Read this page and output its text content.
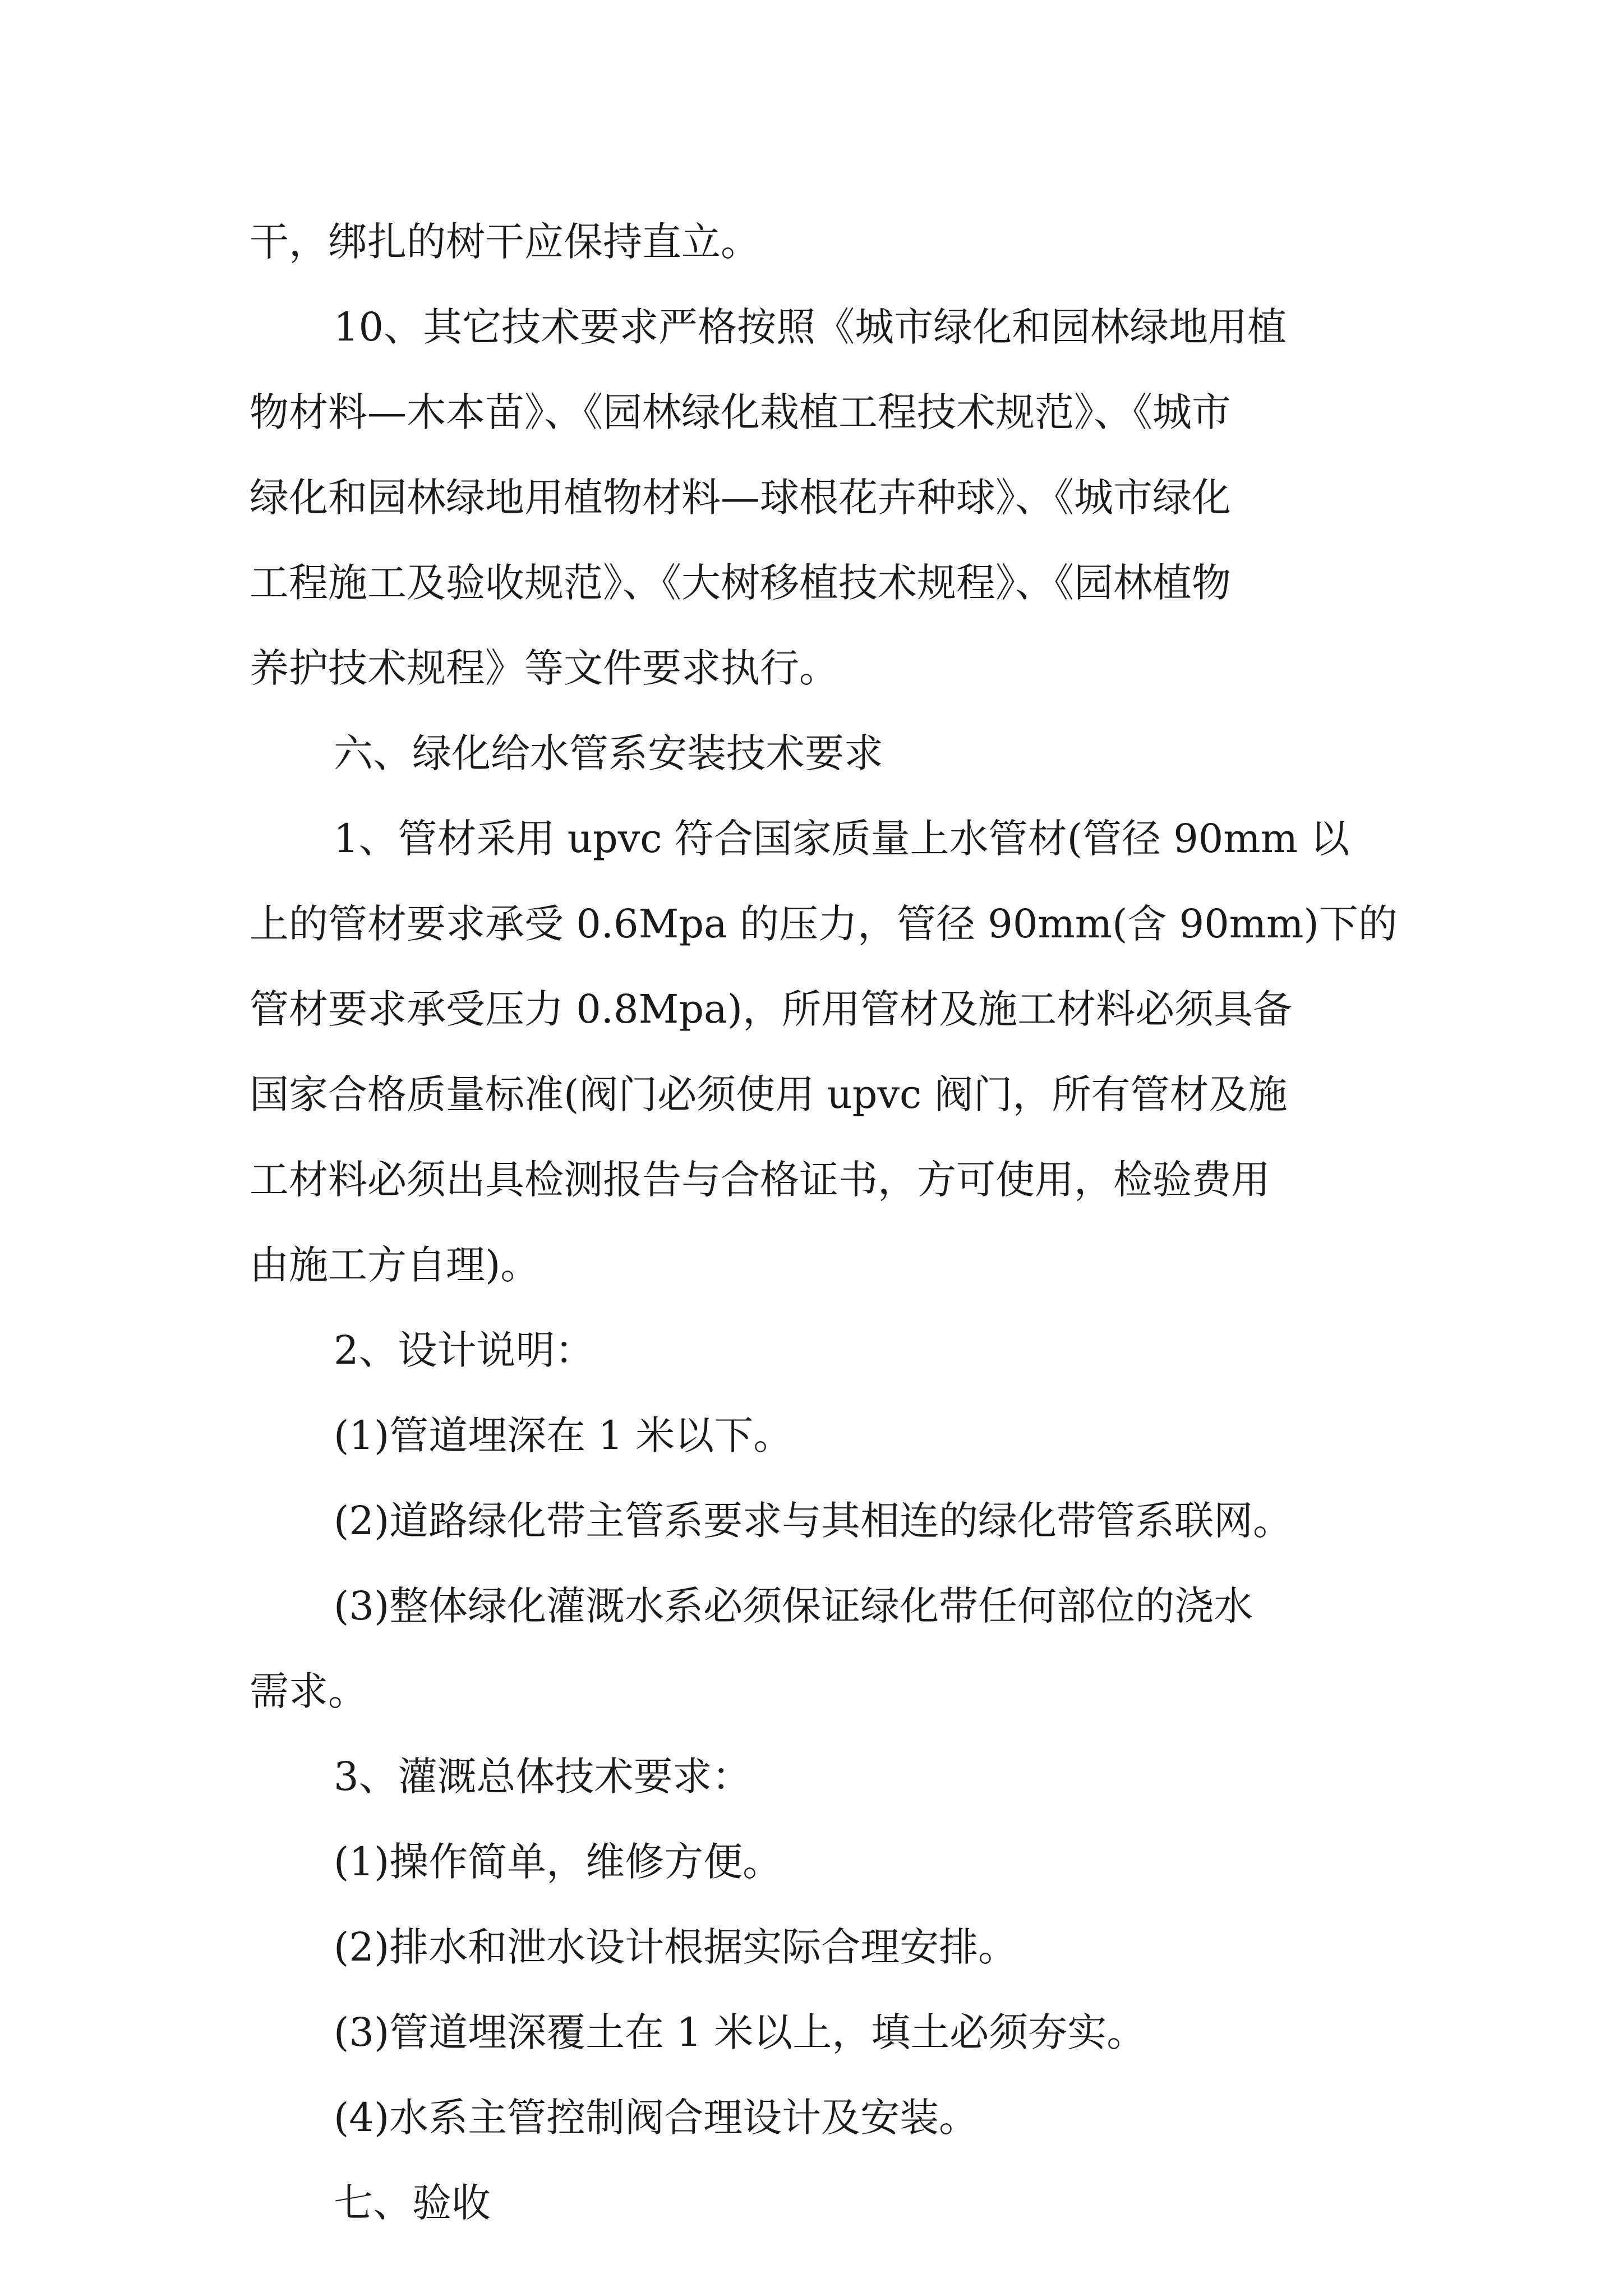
干，绑扎的树干应保持直立。
10、其它技术要求严格按照《城市绿化和园林绿地用植
物材料—木本苗》、《园林绿化栽植工程技术规范》、《城市
绿化和园林绿地用植物材料—球根花卉种球》、《城市绿化
工程施工及验收规范》、《大树移植技术规程》、《园林植物
养护技术规程》等文件要求执行。
六、绿化给水管系安装技术要求
1、管材采用 upvc 符合国家质量上水管材(管径 90mm 以
上的管材要求承受 0.6Mpa 的压力，管径 90mm(含 90mm)下的
管材要求承受压力 0.8Mpa)，所用管材及施工材料必须具备
国家合格质量标准(阀门必须使用 upvc 阀门，所有管材及施
工材料必须出具检测报告与合格证书，方可使用，检验费用
由施工方自理)。
2、设计说明：
(1)管道埋深在 1 米以下。
(2)道路绿化带主管系要求与其相连的绿化带管系联网。
(3)整体绿化灌溉水系必须保证绿化带任何部位的浇水
需求。
3、灌溉总体技术要求：
(1)操作简单，维修方便。
(2)排水和泄水设计根据实际合理安排。
(3)管道埋深覆土在 1 米以上，填土必须夯实。
(4)水系主管控制阀合理设计及安装。
七、验收
